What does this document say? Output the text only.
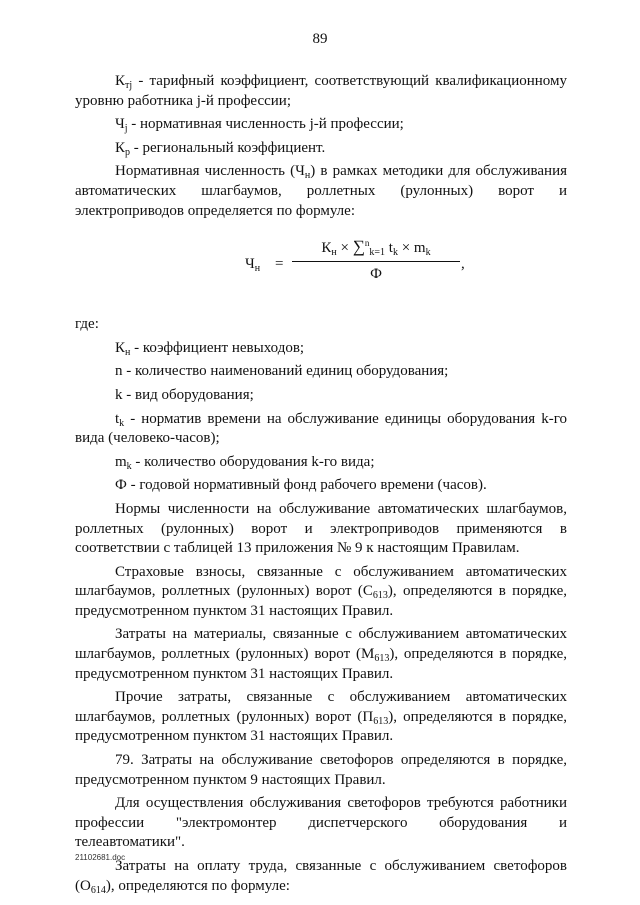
89

$К_{тj}$ - тарифный коэффициент, соответствующий квалификационному уровню работника j-й профессии;

$Ч_j$ - нормативная численность j-й профессии;

$К_р$ - региональный коэффициент.

Нормативная численность $(Ч_н)$ в рамках методики для обслуживания автоматических шлагбаумов, роллетных (рулонных) ворот и электроприводов определяется по формуле:

$Ч_н$ =
$К_н \times \sum^n_{k=1}$ $t_k \times m_k$
Ф
,

где:

$К_н$ - коэффициент невыходов;

n - количество наименований единиц оборудования;

k - вид оборудования;

$t_k$ - норматив времени на обслуживание единицы оборудования k-го вида (человеко-часов);

$m_k$ - количество оборудования k-го вида;

Ф - годовой нормативный фонд рабочего времени (часов).

Нормы численности на обслуживание автоматических шлагбаумов, роллетных (рулонных) ворот и электроприводов применяются в соответствии с таблицей 13 приложения № 9 к настоящим Правилам.

Страховые взносы, связанные с обслуживанием автоматических шлагбаумов, роллетных (рулонных) ворот $(С_{613})$, определяются в порядке, предусмотренном пунктом 31 настоящих Правил.

Затраты на материалы, связанные с обслуживанием автоматических шлагбаумов, роллетных (рулонных) ворот $(М_{613})$, определяются в порядке, предусмотренном пунктом 31 настоящих Правил.

Прочие затраты, связанные с обслуживанием автоматических шлагбаумов, роллетных (рулонных) ворот $(П_{613})$, определяются в порядке, предусмотренном пунктом 31 настоящих Правил.

79. Затраты на обслуживание светофоров определяются в порядке, предусмотренном пунктом 9 настоящих Правил.

Для осуществления обслуживания светофоров требуются работники профессии "электромонтер диспетчерского оборудования и телеавтоматики".

Затраты на оплату труда, связанные с обслуживанием светофоров $(О_{614})$, определяются по формуле:

21102681.doc
